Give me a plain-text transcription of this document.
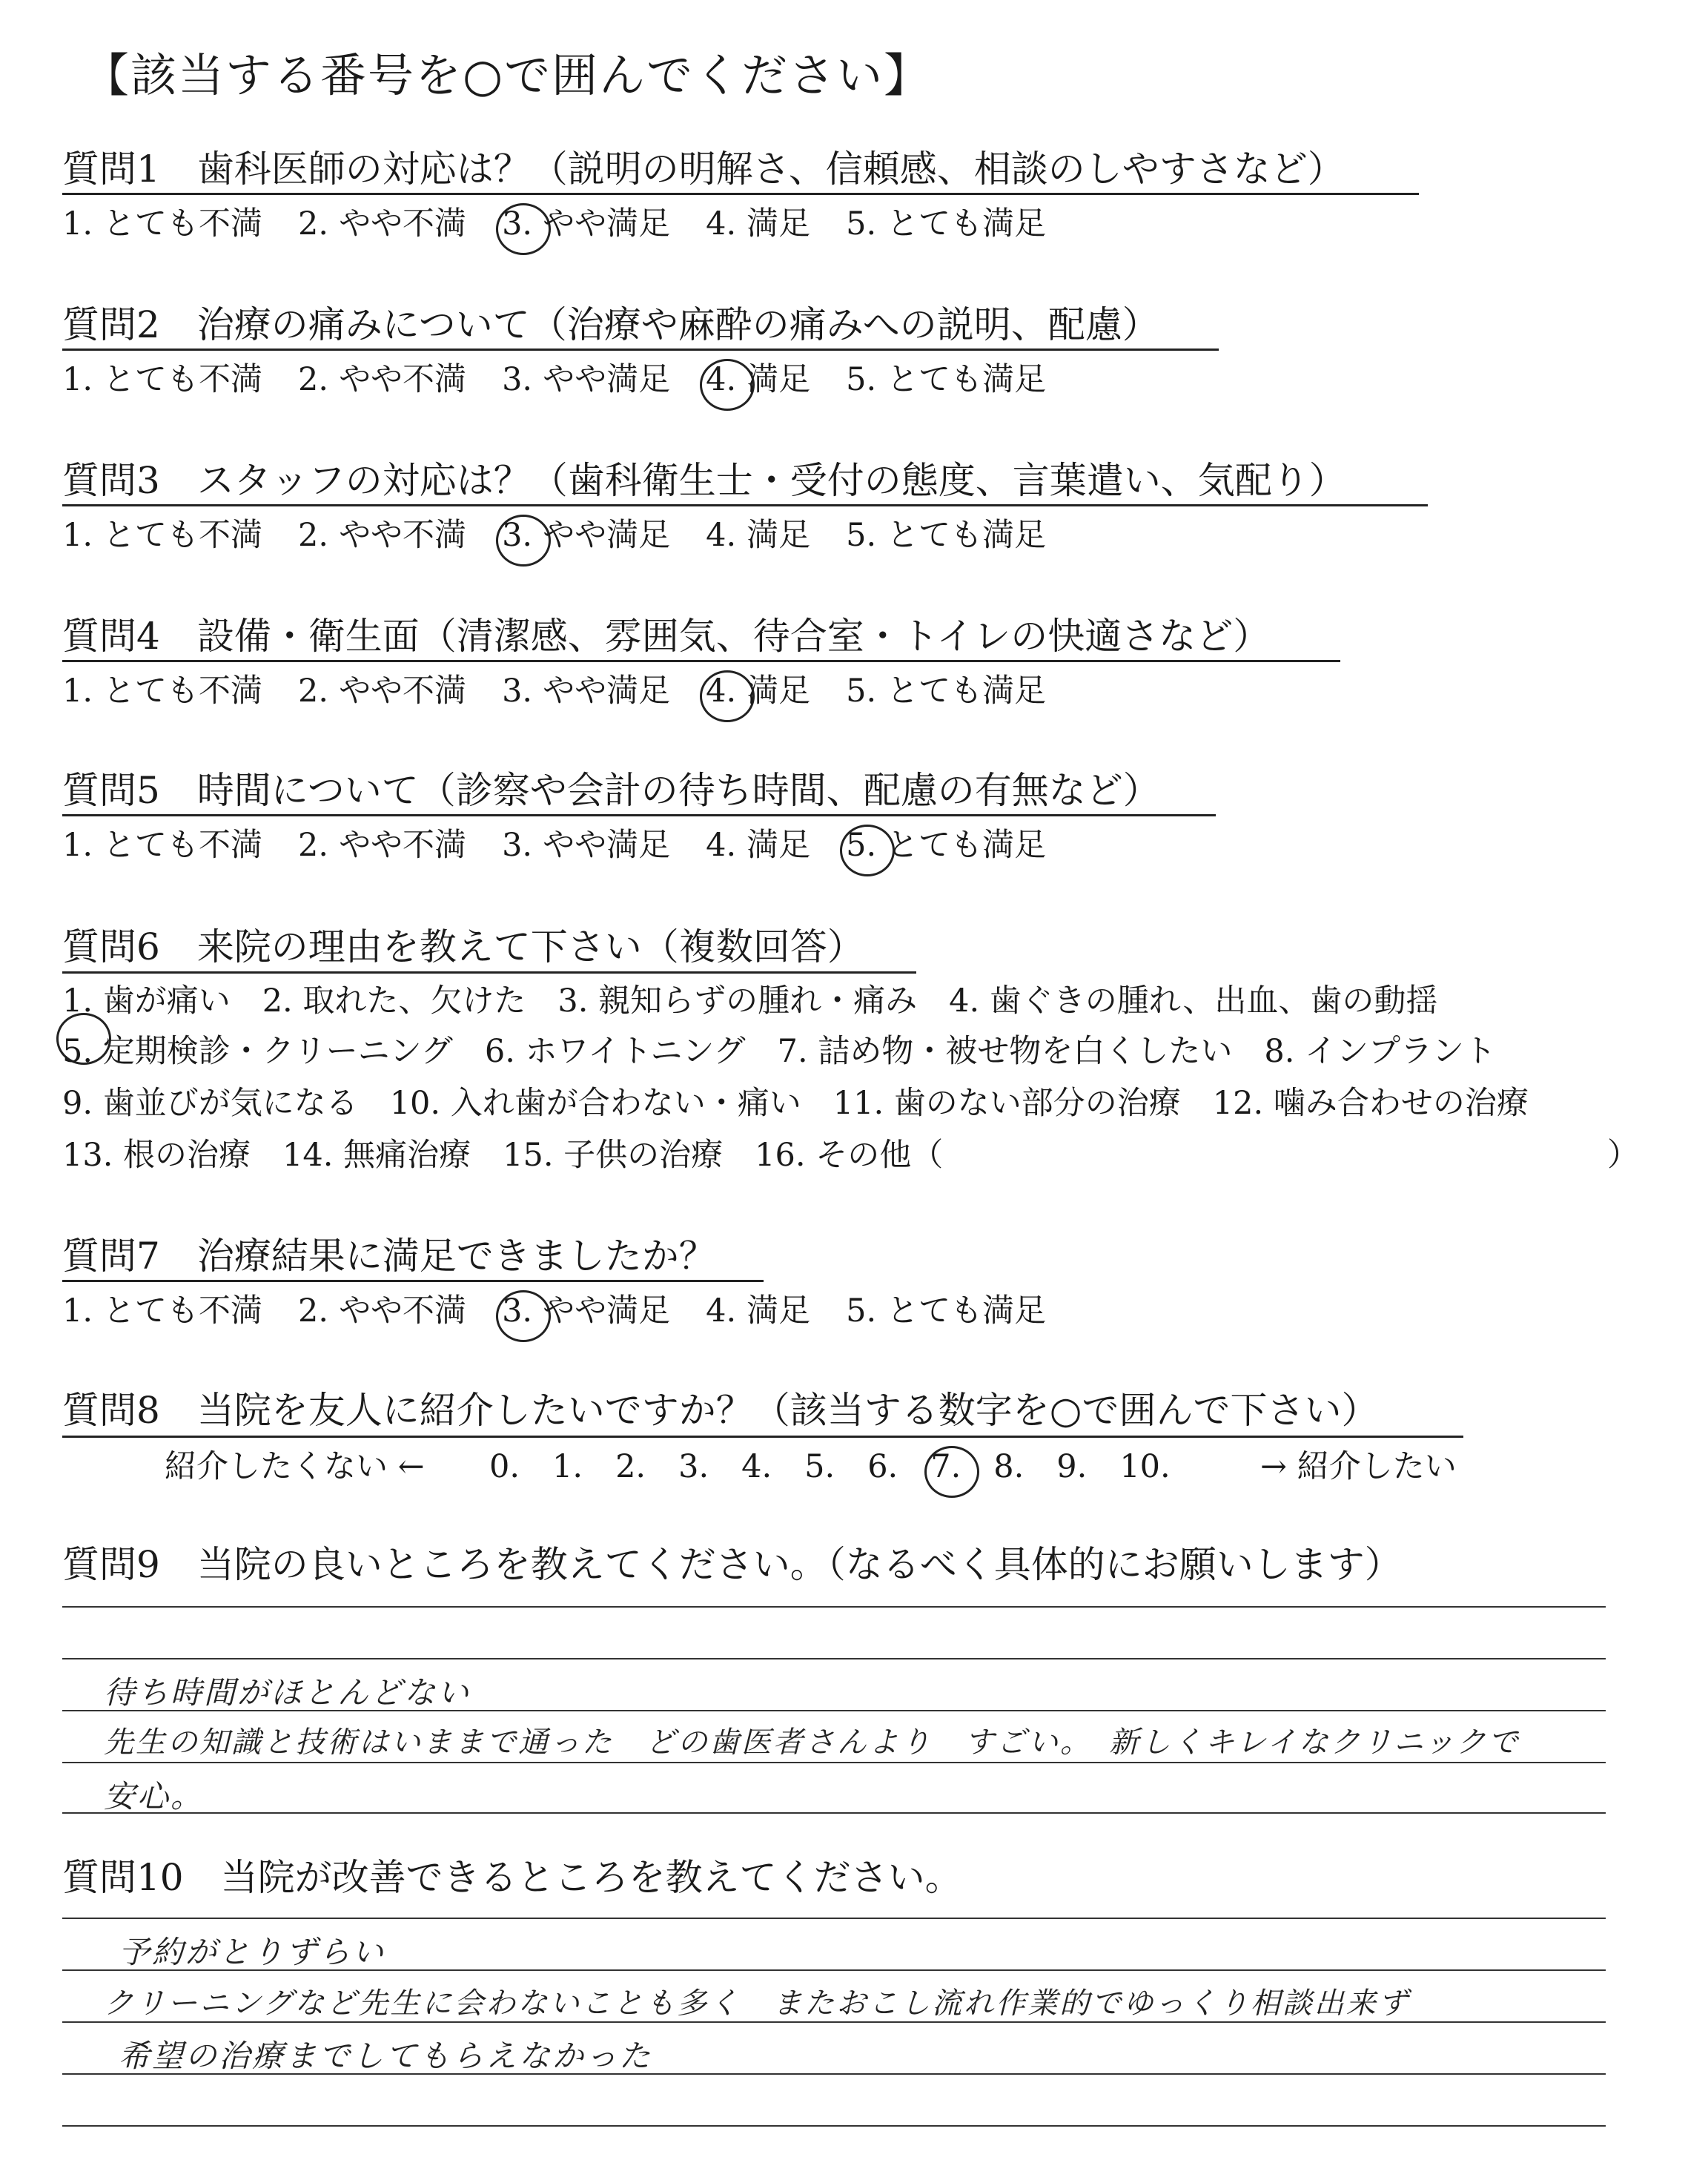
【該当する番号を○で囲んでください】
質問1　 歯科医師の対応は？（説明の明解さ、信頼感、相談のしやすさなど）
1. とても不満 2. やや不満 3. やや満足 4. 満足 5. とても満足
質問2　 治療の痛みについて（治療や麻酔の痛みへの説明、配慮）
1. とても不満 2. やや不満 3. やや満足 4. 満足 5. とても満足
質問3　 スタッフの対応は？（歯科衛生士・受付の態度、言葉遣い、気配り）
1. とても不満 2. やや不満 3. やや満足 4. 満足 5. とても満足
質問4　 設備・衛生面（清潔感、雰囲気、待合室・トイレの快適さなど）
1. とても不満 2. やや不満 3. やや満足 4. 満足 5. とても満足
質問5　 時間について（診察や会計の待ち時間、配慮の有無など）
1. とても不満 2. やや不満 3. やや満足 4. 満足 5. とても満足
質問6　 来院の理由を教えて下さい（複数回答）
1. 歯が痛い　2. 取れた、欠けた　3. 親知らずの腫れ・痛み　4. 歯ぐきの腫れ、出血、歯の動揺
5. 定期検診・クリーニング　6. ホワイトニング　7. 詰め物・被せ物を白くしたい　8. インプラント
9. 歯並びが気になる　10. 入れ歯が合わない・痛い　11. 歯のない部分の治療　12. 噛み合わせの治療
13. 根の治療　14. 無痛治療　15. 子供の治療　16. その他（	）
質問7　 治療結果に満足できましたか？
1. とても不満 2. やや不満 3. やや満足 4. 満足 5. とても満足
質問8　 当院を友人に紹介したいですか？（該当する数字を○で囲んで下さい）
紹介したくない ← 0. 1. 2. 3. 4. 5. 6. 7. 8. 9. 10.	→ 紹介したい
質問9　 当院の良いところを教えてください。（なるべく具体的にお願いします）
待ち時間がほとんどない
先生の知識と技術はいままで通った　どの歯医者さんより　すごい。　新しくキレイなクリニックで
安心。
質問10　 当院が改善できるところを教えてください。
予約がとりずらい
クリーニングなど先生に会わないことも多く　またおこし流れ作業的でゆっくり相談出来ず
希望の治療までしてもらえなかった
